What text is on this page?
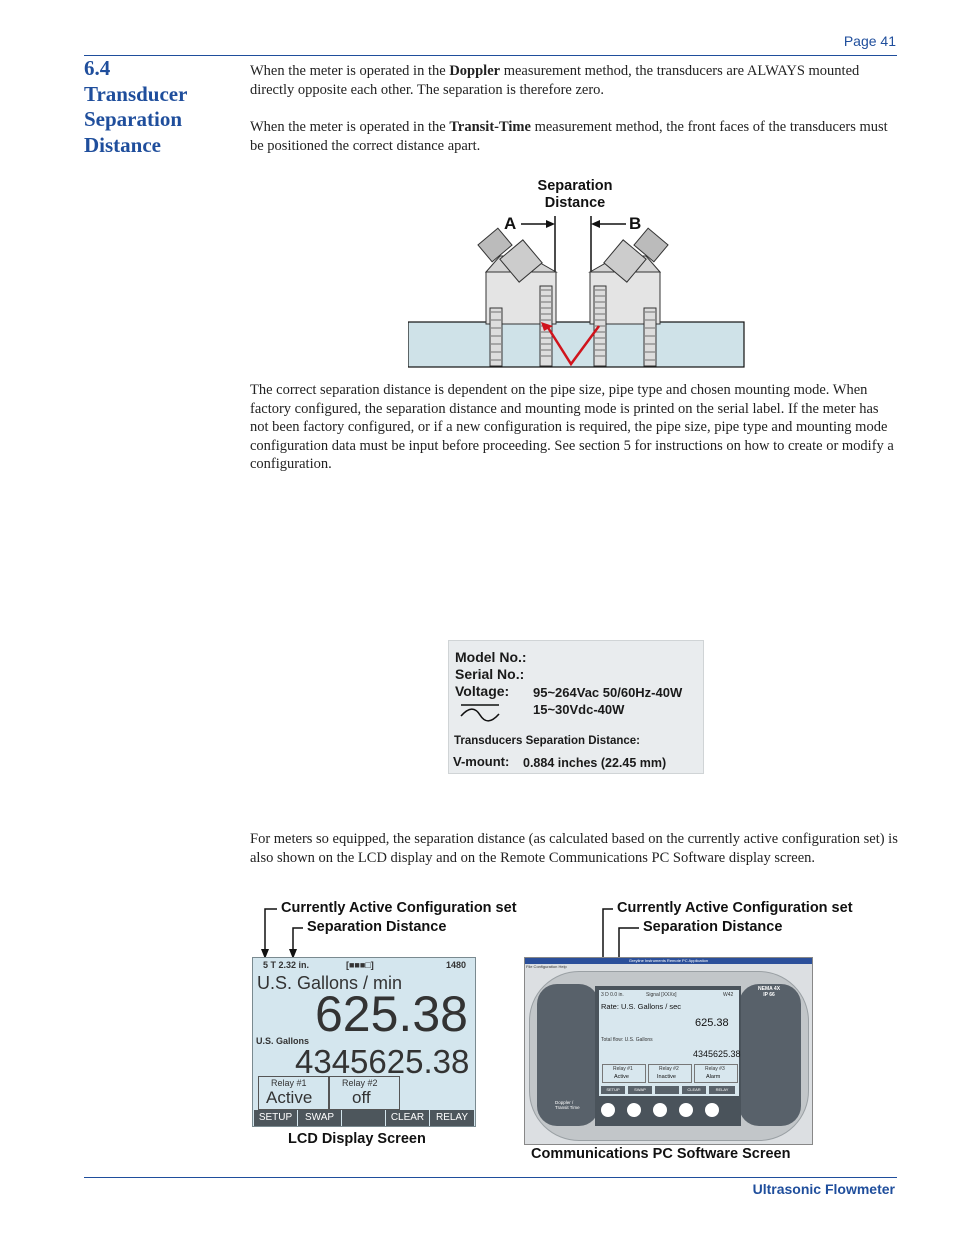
Page 41
6.4
Transducer
Separation
Distance
When the meter is operated in the Doppler measurement method, the transducers are ALWAYS mounted directly opposite each other. The separation is therefore zero.
When the meter is operated in the Transit-Time measurement method, the front faces of the transducers must be positioned the correct distance apart.
Separation
Distance
A	B
The correct separation distance is dependent on the pipe size, pipe type and chosen mounting mode. When factory configured, the separation distance and mounting mode is printed on the serial label. If the meter has not been factory configured, or if a new configuration is required, the pipe size, pipe type and mounting mode configuration data must be input before proceeding. See section 5 for instructions on how to create or modify a configuration.
Model No.:
Serial No.:
Voltage: 95~264Vac 50/60Hz-40W
15~30Vdc-40W
Transducers Separation Distance:
V-mount: 0.884 inches (22.45 mm)
For meters so equipped, the separation distance (as calculated based on the currently active configuration set) is also shown on the LCD display and on the Remote Communications PC Software display screen.
Currently Active Configuration set
Separation Distance
Currently Active Configuration set
Separation Distance
5 T 2.32 in.	[■■■□]	1480
U.S. Gallons / min
625.38
U.S. Gallons
4345625.38
Relay #1
Active
Relay #2
off
SETUP	SWAP	CLEAR	RELAY
LCD Display Screen
Greyline Instruments Remote PC Application
File Configuration Help
NEMA 4X
IP 66
Doppler /
Transit Time
3 D 0.0 in.	Signal [XXXx]	W42
Rate: U.S. Gallons / sec
625.38
Total flow: U.S. Gallons
4345625.38
Relay #1
Active
Relay #2
Inactive
Relay #3
Alarm
SETUP	SWAP	CLEAR	RELAY
Communications PC Software Screen
Ultrasonic Flowmeter
